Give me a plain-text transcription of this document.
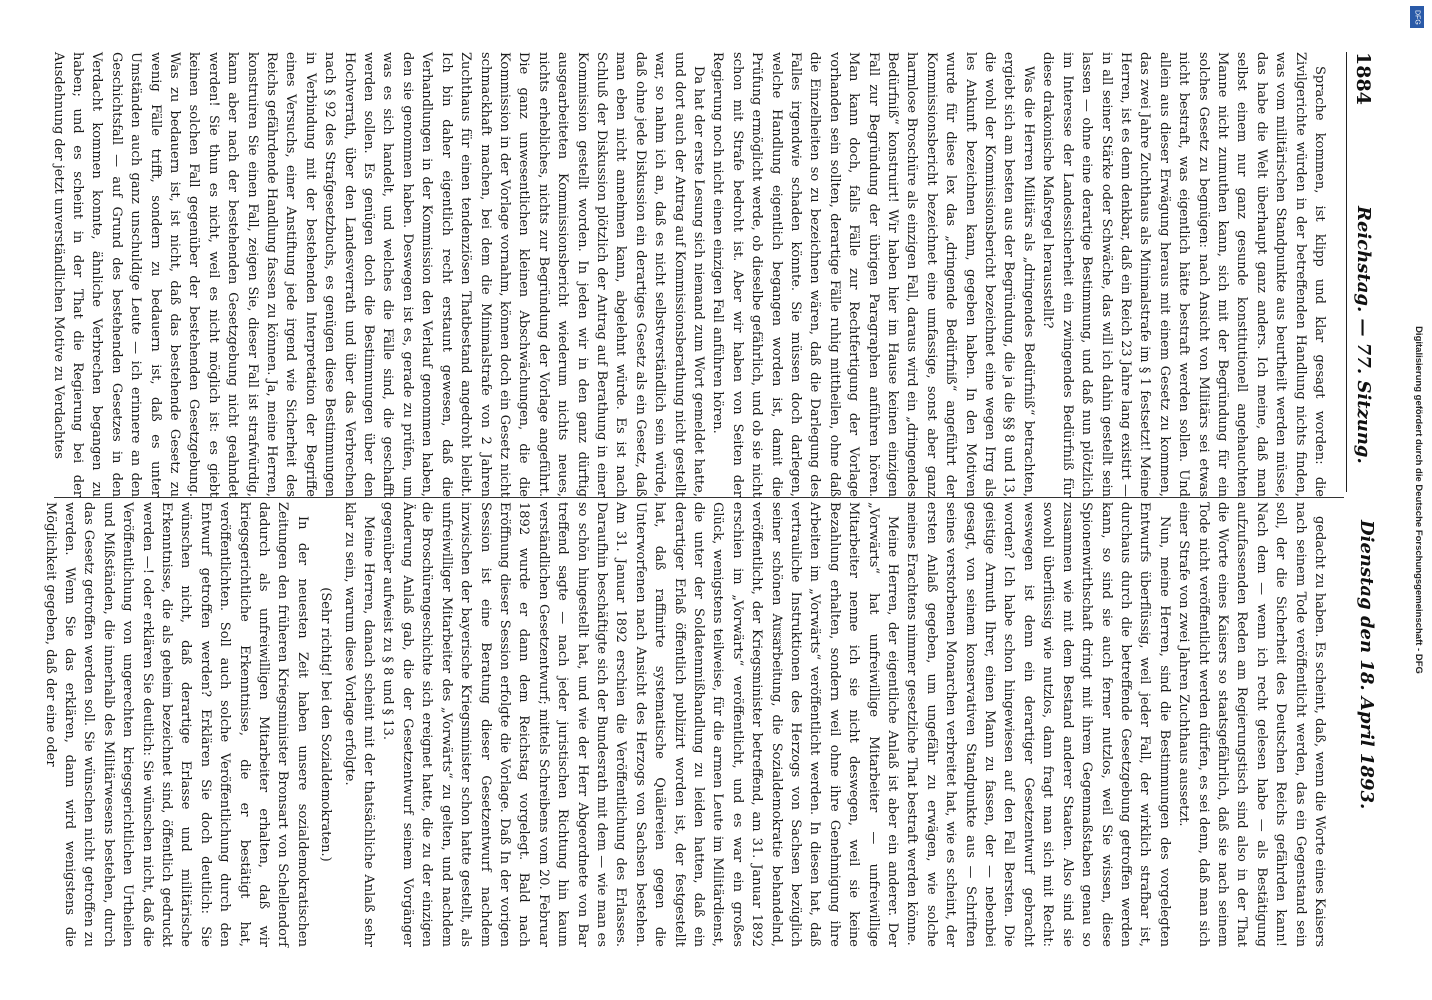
1884
Reichstag. — 77. Sitzung.
Dienstag den 18. April 1893.

Sprache kommen, ist klipp und klar gesagt worden: die Zivilgerichte würden in der betreffenden Handlung nichts finden, was vom militärischen Standpunkte aus beurtheilt werden müsse, das habe die Welt überhaupt ganz anders. Ich meine, daß man selbst einem nur ganz gesunde konstitutionell angehauchten Manne nicht zumuthen kann, sich mit der Begründung für ein solches Gesetz zu begnügen: nach Ansicht von Militärs sei etwas nicht bestraft, was eigentlich hätte bestraft werden sollen. Und allein aus dieser Erwägung heraus mit einem Gesetz zu kommen, das zwei Jahre Zuchthaus als Minimalstrafe im § 1 festsetzt! Meine Herren, ist es denn denkbar, daß ein Reich 23 Jahre lang existirt — in all seiner Stärke oder Schwäche, das will ich dahin gestellt sein lassen — ohne eine derartige Bestimmung, und daß nun plötzlich im Interesse der Landessicherheit ein zwingendes Bedürfniß für diese drakonische Maßregel herausstellt?

Was die Herren Militärs als „dringendes Bedürfniß“ betrachten, ergiebt sich am besten aus der Begründung, die ja die §§ 8 und 13, die wohl der Kommissionsbericht bezeichnet eine wegen Irrg als les Ankunft bezeichnen kann, gegeben haben. In den Motiven wurde für diese lex das „dringende Bedürfniß“ angeführt der Kommissionsbericht bezeichnet eine umfassige, sonst aber ganz harmlose Broschüre als einzigen Fall, daraus wird ein „dringendes Bedürfniß“ konstruirt! Wir haben hier im Hause keinen einzigen Fall zur Begründung der übrigen Paragraphen anführen hören. Man kann doch, falls Fälle zur Rechtfertigung der Vorlage vorhanden sein sollten, derartige Fälle ruhig mittheilen, ohne daß die Einzelheiten so zu bezeichnen wären, daß die Darlegung des Falles irgendwie schaden könnte. Sie müssen doch darlegen, welche Handlung eigentlich begangen worden ist, damit die Prüfung ermöglicht werde, ob dieselbe gefährlich, und ob sie nicht schon mit Strafe bedroht ist. Aber wir haben von Seiten der Regierung noch nicht einen einzigen Fall anführen hören.

Da hat der erste Lesung sich niemand zum Wort gemeldet hatte, und dort auch der Antrag auf Kommissionsberathung nicht gestellt war, so nahm ich an, daß es nicht selbstverständlich sein würde, daß ohne jede Diskussion ein derartiges Gesetz als ein Gesetz, daß man eben nicht annehmen kann, abgelehnt würde. Es ist nach Schluß der Diskussion plötzlich der Antrag auf Berathung in einer Kommission gestellt worden. In jeden wir in den ganz dürftig ausgearbeiteten Kommissionsbericht wiederum nichts neues, nichts erhebliches, nichts zur Begründung der Vorlage angeführt. Die ganz unwesentlichen kleinen Abschwächungen, die die Kommission in der Vorlage vornahm, können doch ein Gesetz nicht schmackhaft machen, bei dem die Minimalstrafe von 2 Jahren Zuchthaus für einen tendenziösen Thatbestand angedroht bleibt. Ich bin daher eigentlich recht erstaunt gewesen, daß die Verhandlungen in der Kommission den Verlauf genommen haben, den sie genommen haben. Deswegen ist es, gerade zu prüfen, um was es sich handelt, und welches die Fälle sind, die geschafft werden sollen. Es genügen doch die Bestimmungen über den Hochverrath, über den Landesverrath und über das Verbrechen nach § 92 des Strafgesetzbuchs, es genügen diese Bestimmungen in Verbindung mit der bestehenden Interpretation der Begriffe eines Versuchs, einer Anstiftung jede irgend wie Sicherheit des Reichs gefährdende Handlung fassen zu können. Ja, meine Herren, konstruiren Sie einen Fall, zeigen Sie, dieser Fall ist strafwürdig, kann aber nach der bestehenden Gesetzgebung nicht geahndet werden! Sie thun es nicht, weil es nicht möglich ist: es giebt keinen solchen Fall gegenüber der bestehenden Gesetzgebung. Was zu bedauern ist, ist nicht, daß das bestehende Gesetz zu wenig Fälle trifft, sondern zu bedauern ist, daß es unter Umständen auch ganz unschuldige Leute — ich erinnere an den Geschichtsfall — auf Grund des bestehenden Gesetzes in den Verdacht kommen konnte, ähnliche Verbrechen begangen zu haben; und es scheint in der That die Regierung bei der Ausdehnung der jetzt unverständlichen Motive zu Verdachtes

gedacht zu haben. Es scheint, daß, wenn die Worte eines Kaisers nach seinem Tode veröffentlicht werden, das ein Gegenstand sein soll, der die Sicherheit des Deutschen Reichs gefährden kann! Nach dem — wenn ich recht gelesen habe — als Bestätigung aufzufassenden Reden am Regierungstisch sind also in der That die Worte eines Kaisers so staatsgefährlich, daß sie nach seinem Tode nicht veröffentlicht werden dürfen, es sei denn, daß man sich einer Strafe von zwei Jahren Zuchthaus aussetzt.

Nun, meine Herren, sind die Bestimmungen des vorgelegten Entwurfs überflüssig, weil jeder Fall, der wirklich strafbar ist, durchaus durch die betreffende Gesetzgebung getroffen werden kann, so sind sie auch ferner nutzlos, weil Sie wissen, diese Spionenwirthschaft dringt mit ihrem Gegenmaßstaben genau so zusammen wie mit dem Bestand anderer Staaten. Also sind sie sowohl überflüssig wie nutzlos, dann fragt man sich mit Recht: weswegen ist denn ein derartiger Gesetzentwurf gebracht worden? Ich habe schon hingewiesen auf den Fall Bersten. Die geistige Armuth Ihrer, einen Mann zu fassen, der — nebenbei gesagt, von seinem konservativen Standpunkte aus — Schriften seines verstorbenen Monarchen verbreitet hat, wie es scheint, der ersten Anlaß gegeben, um ungefähr zu erwägen, wie solche meines Erachtens nimmer gesetzliche That bestraft werden könne.

Meine Herren, der eigentliche Anlaß ist aber ein anderer. Der „Vorwärts“ hat unfreiwillige Mitarbeiter — unfreiwillige Mitarbeiter nenne ich sie nicht deswegen, weil sie keine Bezahlung erhalten, sondern weil ohne ihre Genehmigung ihre Arbeiten im „Vorwärts“ veröffentlicht werden. In diesen hat, daß vertrauliche Instruktionen des Herzogs von Sachsen bezüglich seiner schönen Ausarbeitung, die Sozialdemokratie behandelnd, veröffentlicht, der Kriegsminister betreffend, am 31. Januar 1892 erschien im „Vorwärts“ veröffentlicht, und es war ein großes Glück, wenigstens teilweise, für die armen Leute im Militärdienst, die unter der Soldatenmißhandlung zu leiden hatten, daß ein derartiger Erlaß öffentlich publizirt worden ist, der festgestellt hat, daß raffinirte systematische Quälereien gegen die Unterworfenen nach Ansicht des Herzogs von Sachsen bestehen. Am 31. Januar 1892 erschien die Veröffentlichung des Erlasses. Daraufhin beschäftigte sich der Bundesrath mit dem — wie man es so schön hingestellt hat, und wie der Herr Abgeordnete von Bar treffend sagte — nach jeder juristischen Richtung hin kaum verständlichen Gesetzentwurf; mittels Schreibens vom 20. Februar 1892 wurde er dann dem Reichstag vorgelegt. Bald nach Eröffnung dieser Session erfolgte die Vorlage. Daß In der vorigen Session ist eine Beratung dieser Gesetzentwurf nachdem inzwischen der bayerische Kriegsminister schon hatte gestellt, als unfreiwilliger Mitarbeiter des „Vorwärts“ zu gelten, und nachdem die Broschürengeschichte sich ereignet hatte, die zu der einzigen Änderung Anlaß gab, die der Gesetzentwurf seinem Vorgänger gegenüber aufweist zu § 8 und § 13.

Meine Herren, danach scheint mit der thatsächliche Anlaß sehr klar zu sein, warum diese Vorlage erfolgte.

(Sehr richtig! bei den Sozialdemokraten.)

In der neuesten Zeit haben unsere sozialdemokratischen Zeitungen den früheren Kriegsminister Bronsart von Schellendorf dadurch als unfreiwilligen Mitarbeiter erhalten, daß wir kriegsgerichtliche Erkenntnisse, die er bestätigt hat, veröffentlichten. Soll auch solche Veröffentlichung durch den Entwurf getroffen werden? Erklären Sie doch deutlich: Sie wünschen nicht, daß derartige Erlasse und militärische Erkenntnisse, die als geheim bezeichnet sind, öffentlich gedruckt werden —! oder erklären Sie deutlich: Sie wünschen nicht, daß die Veröffentlichung von ungerechten kriegsgerichtlichen Urtheilen und Mißständen, die innerhalb des Militärwesens bestehen, durch das Gesetz getroffen werden soll. Sie wünschen nicht getroffen zu werden. Wenn Sie das erklären, dann wird wenigstens die Möglichkeit gegeben, daß der eine oder	Digitalisierung gefördert durch die Deutsche Forschungsgemeinschaft - DFG
DFG
